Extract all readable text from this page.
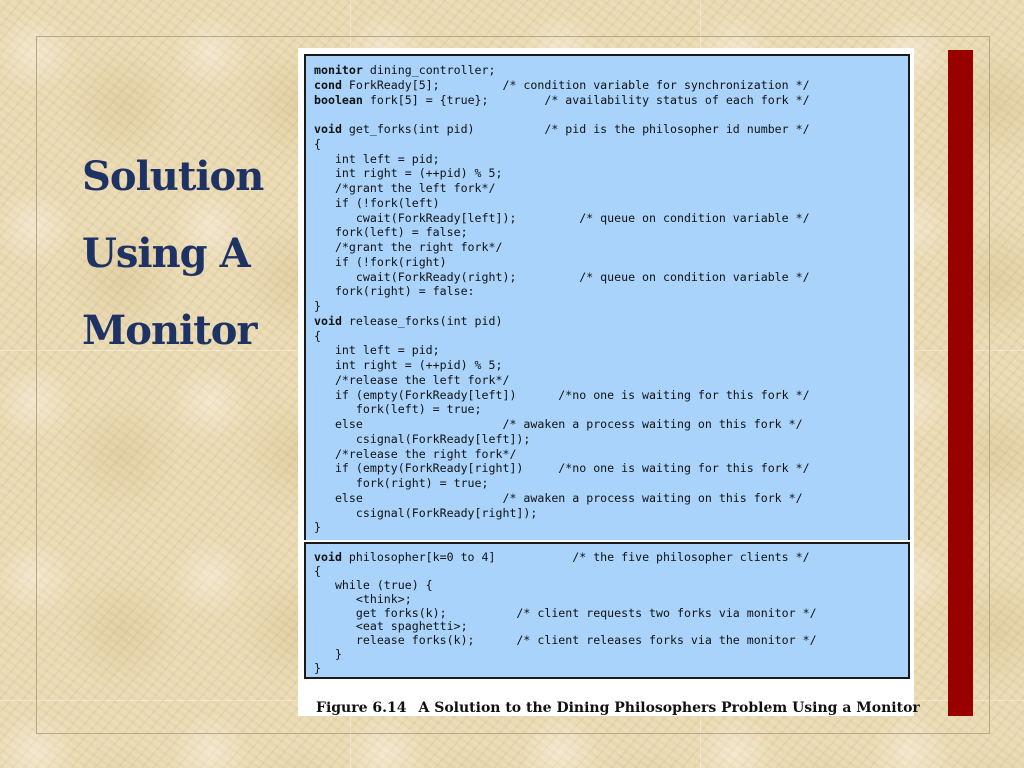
Solution
Using A
Monitor
monitor dining_controller;
cond ForkReady[5];         /* condition variable for synchronization */
boolean fork[5] = {true};        /* availability status of each fork */
void get_forks(int pid)          /* pid is the philosopher id number */
{
int left = pid;
int right = (++pid) % 5;
/*grant the left fork*/
if (!fork(left)
cwait(ForkReady[left]);         /* queue on condition variable */
fork(left) = false;
/*grant the right fork*/
if (!fork(right)
cwait(ForkReady(right);         /* queue on condition variable */
fork(right) = false:
}
void release_forks(int pid)
{
int left = pid;
int right = (++pid) % 5;
/*release the left fork*/
if (empty(ForkReady[left])      /*no one is waiting for this fork */
fork(left) = true;
else                    /* awaken a process waiting on this fork */
csignal(ForkReady[left]);
/*release the right fork*/
if (empty(ForkReady[right])     /*no one is waiting for this fork */
fork(right) = true;
else                    /* awaken a process waiting on this fork */
csignal(ForkReady[right]);
}
void philosopher[k=0 to 4]           /* the five philosopher clients */
{
while (true) {
<think>;
get forks(k);          /* client requests two forks via monitor */
<eat spaghetti>;
release forks(k);      /* client releases forks via the monitor */
}
}
Figure 6.14 A Solution to the Dining Philosophers Problem Using a Monitor
